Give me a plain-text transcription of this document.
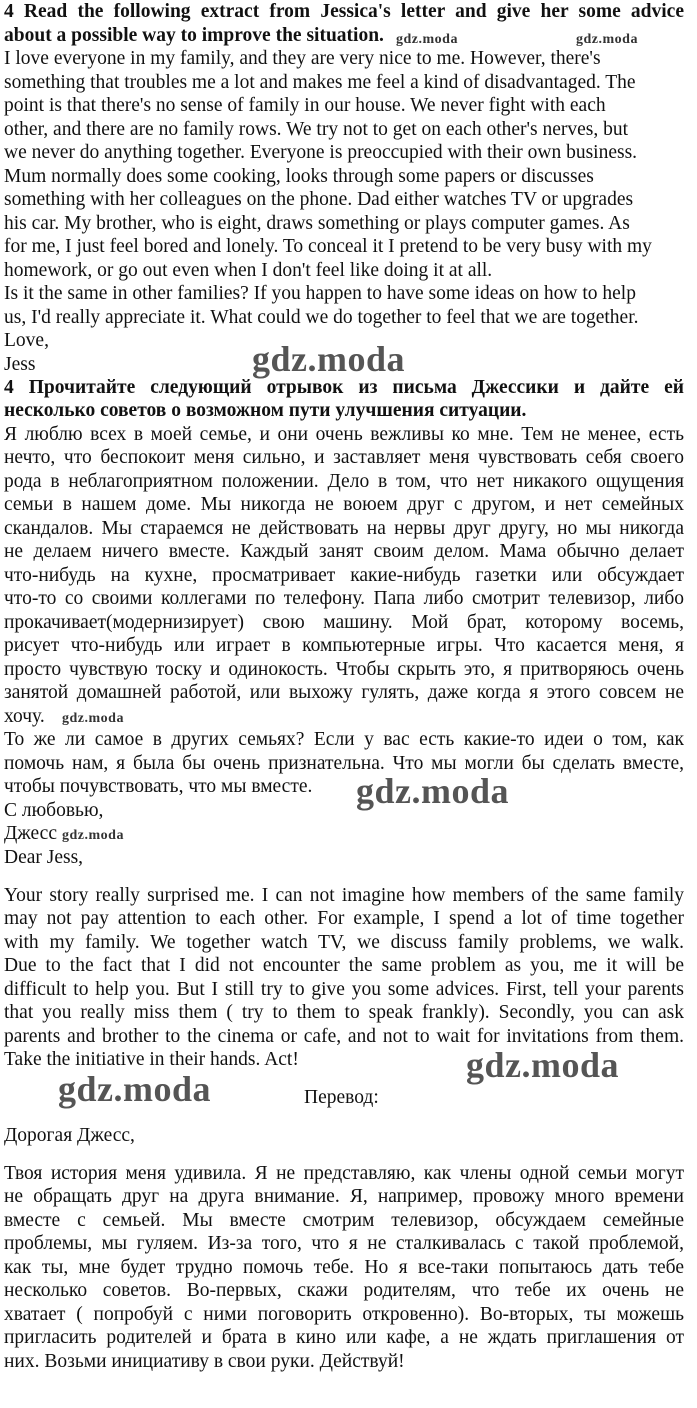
4 Read the following extract from Jessica's letter and give her some advice
about a possible way to improve the situation.
I love everyone in my family, and they are very nice to me. However, there's
something that troubles me a lot and makes me feel a kind of disadvantaged. The
point is that there's no sense of family in our house. We never fight with each
other, and there are no family rows. We try not to get on each other's nerves, but
we never do anything together. Everyone is preoccupied with their own business.
Mum normally does some cooking, looks through some papers or discusses
something with her colleagues on the phone. Dad either watches TV or upgrades
his car. My brother, who is eight, draws something or plays computer games. As
for me, I just feel bored and lonely. To conceal it I pretend to be very busy with my
homework, or go out even when I don't feel like doing it at all.
Is it the same in other families? If you happen to have some ideas on how to help
us, I'd really appreciate it. What could we do together to feel that we are together.
Love,
Jess
4 Прочитайте следующий отрывок из письма Джессики и дайте ей
несколько советов о возможном пути улучшения ситуации.
Я люблю всех в моей семье, и они очень вежливы ко мне. Тем не менее, есть
нечто, что беспокоит меня сильно, и заставляет меня чувствовать себя своего
рода в неблагоприятном положении. Дело в том, что нет никакого ощущения
семьи в нашем доме. Мы никогда не воюем друг с другом, и нет семейных
скандалов. Мы стараемся не действовать на нервы друг другу, но мы никогда
не делаем ничего вместе. Каждый занят своим делом. Мама обычно делает
что-нибудь на кухне, просматривает какие-нибудь газетки или обсуждает
что-то со своими коллегами по телефону. Папа либо смотрит телевизор, либо
прокачивает(модернизирует) свою машину. Мой брат, которому восемь,
рисует что-нибудь или играет в компьютерные игры. Что касается меня, я
просто чувствую тоску и одинокость. Чтобы скрыть это, я притворяюсь очень
занятой домашней работой, или выхожу гулять, даже когда я этого совсем не
хочу.
То же ли самое в других семьях? Если у вас есть какие-то идеи о том, как
помочь нам, я была бы очень признательна. Что мы могли бы сделать вместе,
чтобы почувствовать, что мы вместе.
С любовью,
Джесс
Dear Jess,
Your story really surprised me. I can not imagine how members of the same family
may not pay attention to each other. For example, I spend a lot of time together
with my family. We together watch TV, we discuss family problems, we walk.
Due to the fact that I did not encounter the same problem as you, me it will be
difficult to help you. But I still try to give you some advices. First, tell your parents
that you really miss them ( try to them to speak frankly). Secondly, you can ask
parents and brother to the cinema or cafe, and not to wait for invitations from them.
Take the initiative in their hands. Act!
Перевод:
Дорогая Джесс,
Твоя история меня удивила. Я не представляю, как члены одной семьи могут
не обращать друг на друга внимание. Я, например, провожу много времени
вместе с семьей. Мы вместе смотрим телевизор, обсуждаем семейные
проблемы, мы гуляем. Из-за того, что я не сталкивалась с такой проблемой,
как ты, мне будет трудно помочь тебе. Но я все-таки попытаюсь дать тебе
несколько советов. Во-первых, скажи родителям, что тебе их очень не
хватает ( попробуй с ними поговорить откровенно). Во-вторых, ты можешь
пригласить родителей и брата в кино или кафе, а не ждать приглашения от
них. Возьми инициативу в свои руки. Действуй!
gdz.moda	gdz.moda
gdz.moda
gdz.moda
gdz.moda
gdz.moda
gdz.moda
gdz.moda
